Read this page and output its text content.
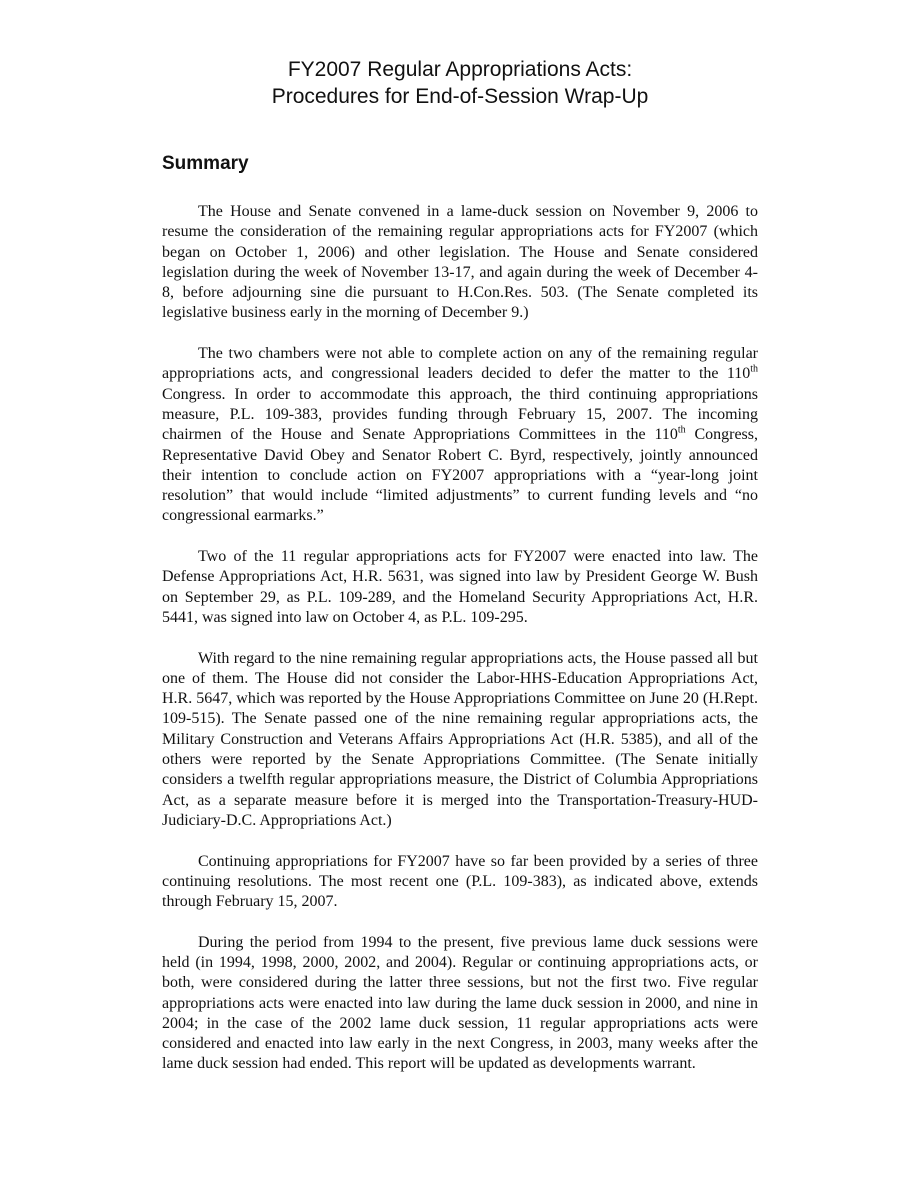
FY2007 Regular Appropriations Acts:
Procedures for End-of-Session Wrap-Up
Summary

The House and Senate convened in a lame-duck session on November 9, 2006 to resume the consideration of the remaining regular appropriations acts for FY2007 (which began on October 1, 2006) and other legislation. The House and Senate considered legislation during the week of November 13-17, and again during the week of December 4-8, before adjourning sine die pursuant to H.Con.Res. 503. (The Senate completed its legislative business early in the morning of December 9.)

The two chambers were not able to complete action on any of the remaining regular appropriations acts, and congressional leaders decided to defer the matter to the 110th Congress. In order to accommodate this approach, the third continuing appropriations measure, P.L. 109-383, provides funding through February 15, 2007. The incoming chairmen of the House and Senate Appropriations Committees in the 110th Congress, Representative David Obey and Senator Robert C. Byrd, respectively, jointly announced their intention to conclude action on FY2007 appropriations with a “year-long joint resolution” that would include “limited adjustments” to current funding levels and “no congressional earmarks.”

Two of the 11 regular appropriations acts for FY2007 were enacted into law. The Defense Appropriations Act, H.R. 5631, was signed into law by President George W. Bush on September 29, as P.L. 109-289, and the Homeland Security Appropriations Act, H.R. 5441, was signed into law on October 4, as P.L. 109-295.

With regard to the nine remaining regular appropriations acts, the House passed all but one of them. The House did not consider the Labor-HHS-Education Appropriations Act, H.R. 5647, which was reported by the House Appropriations Committee on June 20 (H.Rept. 109-515). The Senate passed one of the nine remaining regular appropriations acts, the Military Construction and Veterans Affairs Appropriations Act (H.R. 5385), and all of the others were reported by the Senate Appropriations Committee. (The Senate initially considers a twelfth regular appropriations measure, the District of Columbia Appropriations Act, as a separate measure before it is merged into the Transportation-Treasury-HUD-Judiciary-D.C. Appropriations Act.)

Continuing appropriations for FY2007 have so far been provided by a series of three continuing resolutions. The most recent one (P.L. 109-383), as indicated above, extends through February 15, 2007.

During the period from 1994 to the present, five previous lame duck sessions were held (in 1994, 1998, 2000, 2002, and 2004). Regular or continuing appropriations acts, or both, were considered during the latter three sessions, but not the first two. Five regular appropriations acts were enacted into law during the lame duck session in 2000, and nine in 2004; in the case of the 2002 lame duck session, 11 regular appropriations acts were considered and enacted into law early in the next Congress, in 2003, many weeks after the lame duck session had ended. This report will be updated as developments warrant.
